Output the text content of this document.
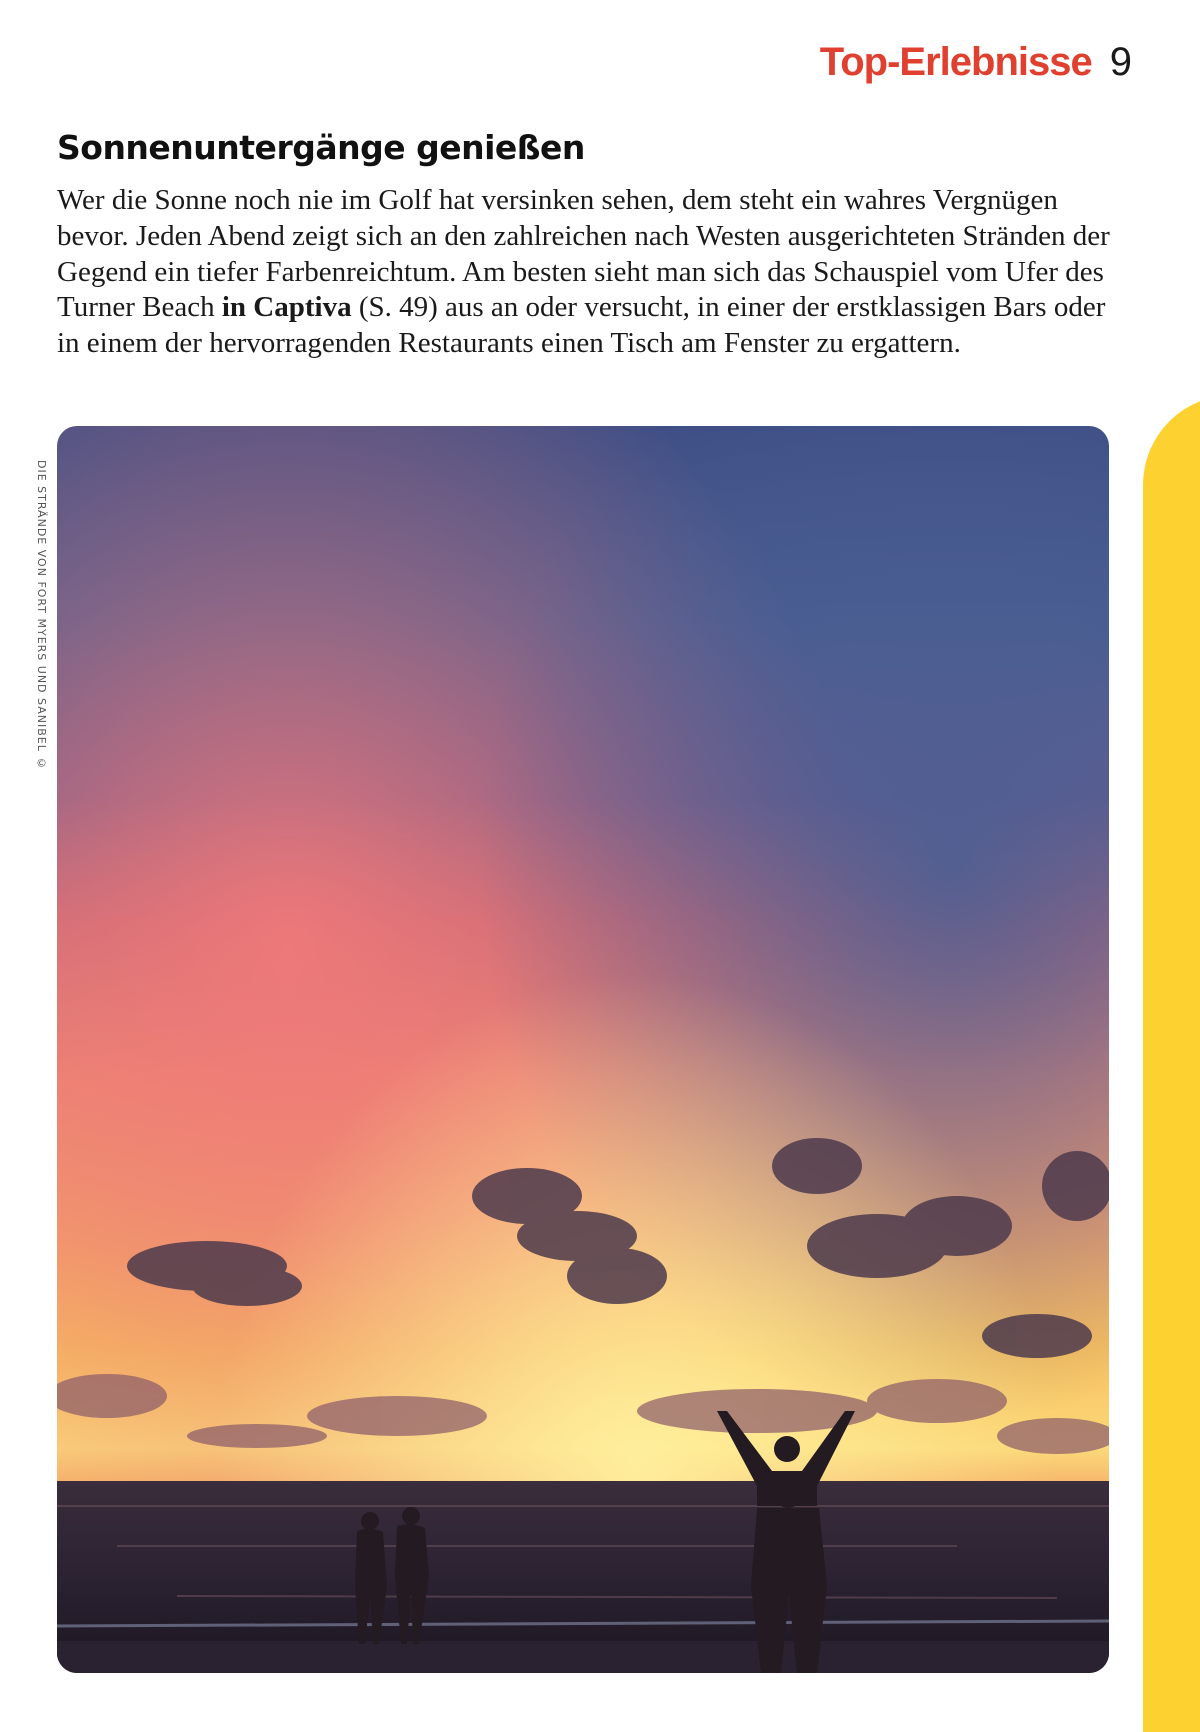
Top-Erlebnisse 9
Sonnenuntergänge genießen

Wer die Sonne noch nie im Golf hat versinken sehen, dem steht ein wahres Vergnügen bevor. Jeden Abend zeigt sich an den zahlreichen nach Westen ausgerichteten Stränden der Gegend ein tiefer Farbenreichtum. Am besten sieht man sich das Schauspiel vom Ufer des Turner Beach in Captiva (S. 49) aus an oder versucht, in einer der erstklassigen Bars oder in einem der hervorragenden Restaurants einen Tisch am Fenster zu ergattern.

DIE STRÄNDE VON FORT MYERS UND SANIBEL ©
